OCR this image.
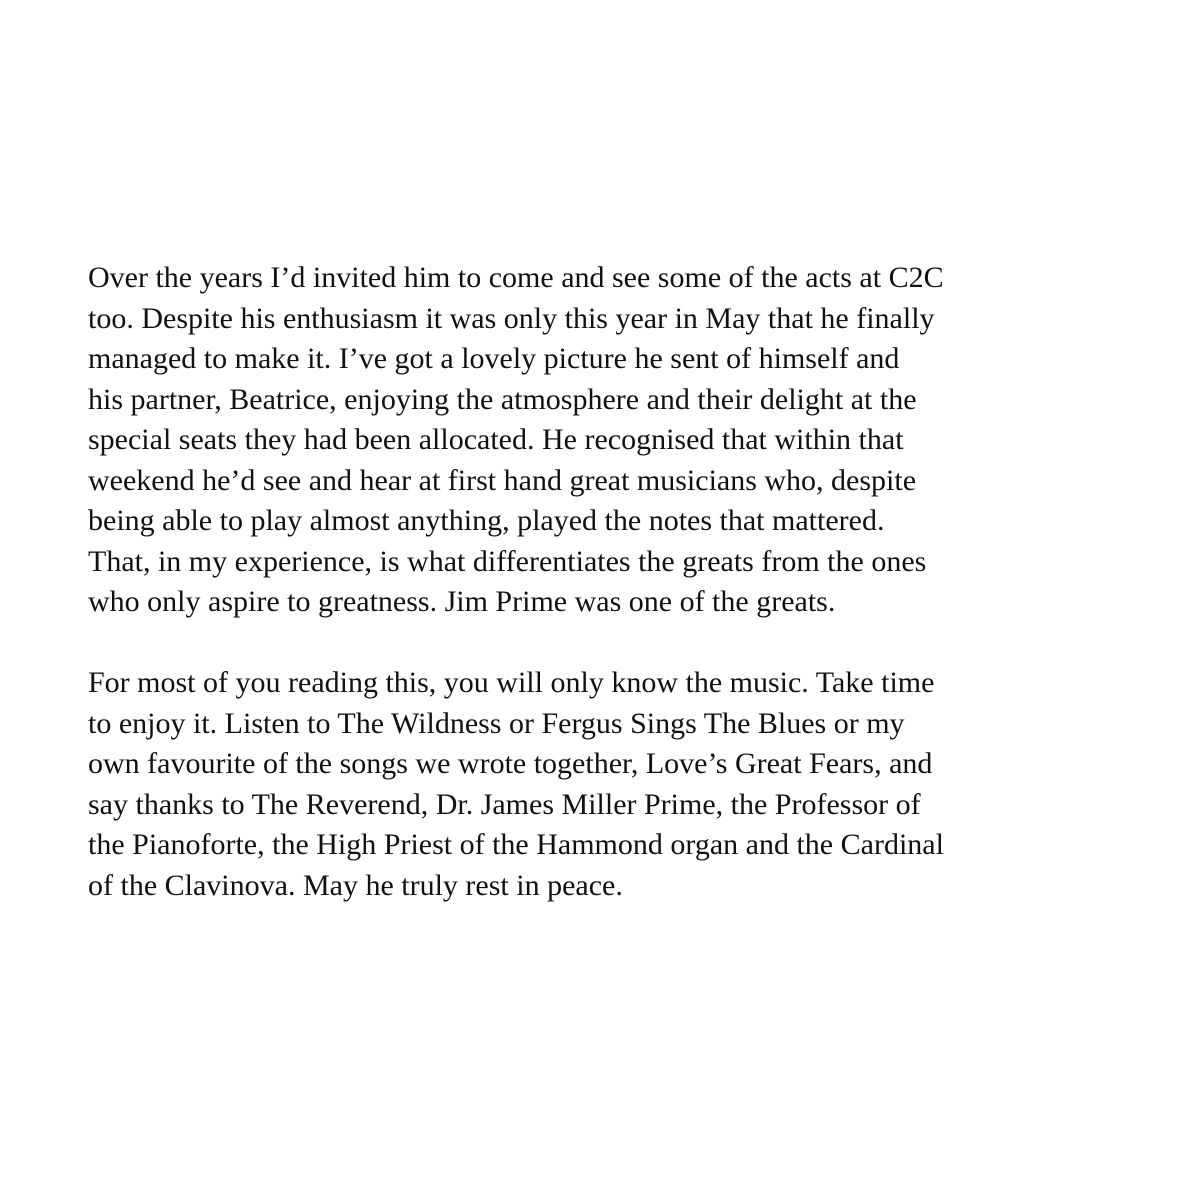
Over the years I’d invited him to come and see some of the acts at C2C
too. Despite his enthusiasm it was only this year in May that he finally
managed to make it. I’ve got a lovely picture he sent of himself and
his partner, Beatrice, enjoying the atmosphere and their delight at the
special seats they had been allocated. He recognised that within that
weekend he’d see and hear at first hand great musicians who, despite
being able to play almost anything, played the notes that mattered.
That, in my experience, is what differentiates the greats from the ones
who only aspire to greatness. Jim Prime was one of the greats.

For most of you reading this, you will only know the music. Take time
to enjoy it. Listen to The Wildness or Fergus Sings The Blues or my
own favourite of the songs we wrote together, Love’s Great Fears, and
say thanks to The Reverend, Dr. James Miller Prime, the Professor of
the Pianoforte, the High Priest of the Hammond organ and the Cardinal
of the Clavinova. May he truly rest in peace.
